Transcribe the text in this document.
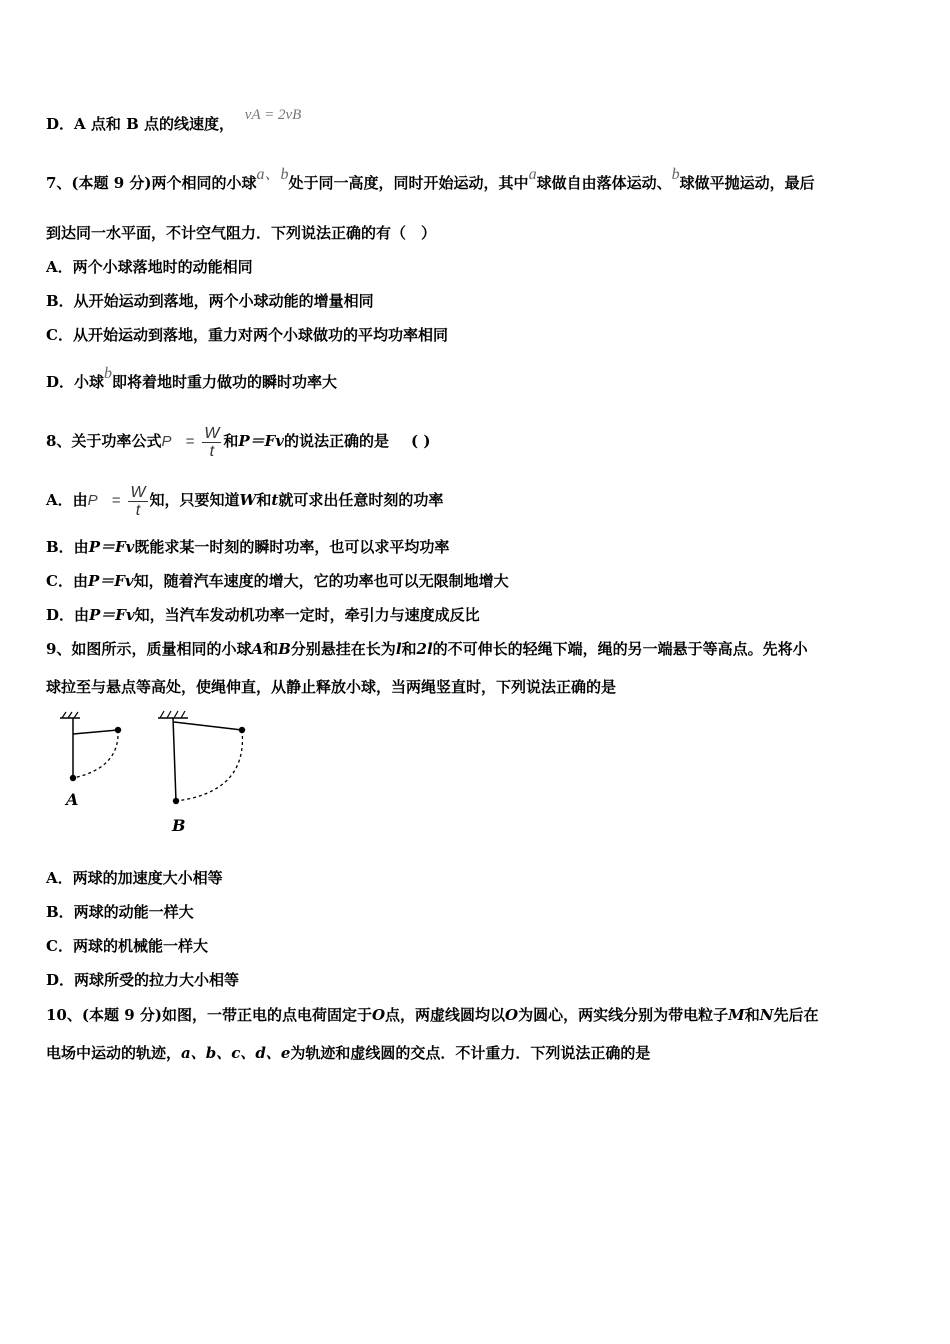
D．A 点和 B 点的线速度， vA = 2vB
7、(本题 9 分)两个相同的小球a、b处于同一高度，同时开始运动，其中a球做自由落体运动、b球做平抛运动，最后
到达同一水平面，不计空气阻力．下列说法正确的有（　）
A．两个小球落地时的动能相同
B．从开始运动到落地，两个小球动能的增量相同
C．从开始运动到落地，重力对两个小球做功的平均功率相同
D．小球b即将着地时重力做功的瞬时功率大
8、关于功率公式$P = \frac{W}{t}$ 和P＝Fv的说法正确的是 ( )
A．由$P = \frac{W}{t}$ 知，只要知道W和t就可求出任意时刻的功率
B．由P＝Fv既能求某一时刻的瞬时功率，也可以求平均功率
C．由P＝Fv知，随着汽车速度的增大，它的功率也可以无限制地增大
D．由P＝Fv知，当汽车发动机功率一定时，牵引力与速度成反比
9、如图所示，质量相同的小球A和B分别悬挂在长为l和2l的不可伸长的轻绳下端，绳的另一端悬于等高点。先将小
球拉至与悬点等高处，使绳伸直，从静止释放小球，当两绳竖直时，下列说法正确的是
A
B
A．两球的加速度大小相等
B．两球的动能一样大
C．两球的机械能一样大
D．两球所受的拉力大小相等
10、(本题 9 分)如图，一带正电的点电荷固定于O点，两虚线圆均以O为圆心，两实线分别为带电粒子M和N先后在
电场中运动的轨迹，a、b、c、d、e为轨迹和虚线圆的交点．不计重力．下列说法正确的是
